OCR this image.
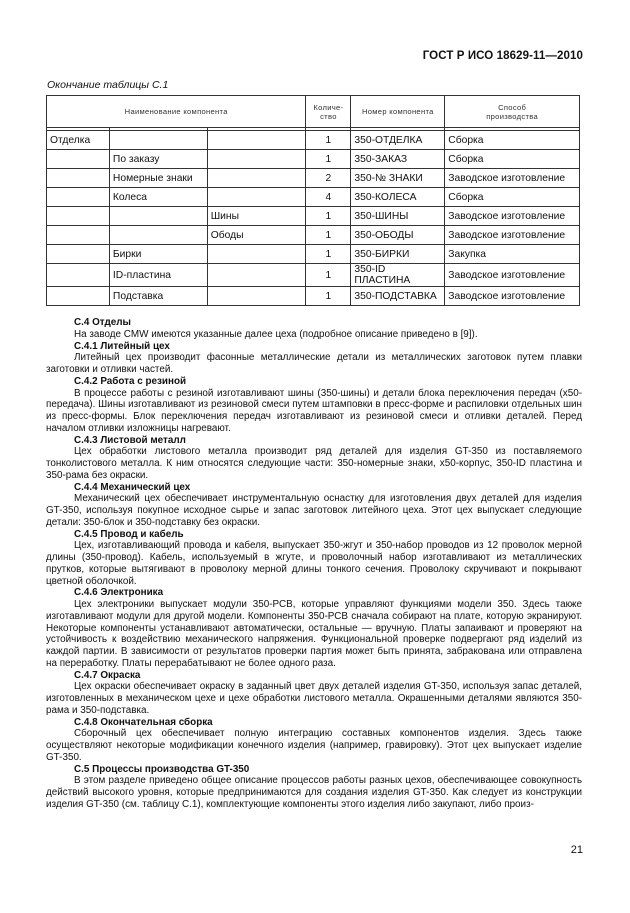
ГОСТ Р ИСО 18629-11—2010
Окончание таблицы С.1
Наименование компонента			Количе-
ство	Номер компонента	Способ
производства

Отделка			1	350-ОТДЕЛКА	Сборка
	По заказу		1	350-ЗАКАЗ	Сборка
	Номерные знаки		2	350-№ ЗНАКИ	Заводское изготовление
	Колеса		4	350-КОЛЕСА	Сборка
		Шины	1	350-ШИНЫ	Заводское изготовление
		Ободы	1	350-ОБОДЫ	Заводское изготовление
	Бирки		1	350-БИРКИ	Закупка
	ID-пластина		1	350-ID ПЛАСТИНА	Заводское изготовление
	Подставка		1	350-ПОДСТАВКА	Заводское изготовление

С.4 Отделы

На заводе CMW имеются указанные далее цеха (подробное описание приведено в [9]).

С.4.1 Литейный цех

Литейный цех производит фасонные металлические детали из металлических заготовок путем плавки заготовки и отливки частей.

С.4.2 Работа с резиной

В процессе работы с резиной изготавливают шины (350-шины) и детали блока переключения передач (х50-передача). Шины изготавливают из резиновой смеси путем штамповки в пресс-форме и распиловки отдельных шин из пресс-формы. Блок переключения передач изготавливают из резиновой смеси и отливки деталей. Перед началом отливки изложницы нагревают.

С.4.3 Листовой металл

Цех обработки листового металла производит ряд деталей для изделия GT-350 из поставляемого тонколистового металла. К ним относятся следующие части: 350-номерные знаки, х50-корпус, 350-ID пластина и 350-рама без окраски.

С.4.4 Механический цех

Механический цех обеспечивает инструментальную оснастку для изготовления двух деталей для изделия GT-350, используя покупное исходное сырье и запас заготовок литейного цеха. Этот цех выпускает следующие детали: 350-блок и 350-подставку без окраски.

С.4.5 Провод и кабель

Цех, изготавливающий провода и кабеля, выпускает 350-жгут и 350-набор проводов из 12 проволок мерной длины (350-провод). Кабель, используемый в жгуте, и проволочный набор изготавливают из металлических прутков, которые вытягивают в проволоку мерной длины тонкого сечения. Проволоку скручивают и покрывают цветной оболочкой.

С.4.6 Электроника

Цех электроники выпускает модули 350-РСВ, которые управляют функциями модели 350. Здесь также изготавливают модули для другой модели. Компоненты 350-РСВ сначала собирают на плате, которую экранируют. Некоторые компоненты устанавливают автоматически, остальные — вручную. Платы запаивают и проверяют на устойчивость к воздействию механического напряжения. Функциональной проверке подвергают ряд изделий из каждой партии. В зависимости от результатов проверки партия может быть принята, забракована или отправлена на переработку. Платы перерабатывают не более одного раза.

С.4.7 Окраска

Цех окраски обеспечивает окраску в заданный цвет двух деталей изделия GT-350, используя запас деталей, изготовленных в механическом цехе и цехе обработки листового металла. Окрашенными деталями являются 350-рама и 350-подставка.

С.4.8 Окончательная сборка

Сборочный цех обеспечивает полную интеграцию составных компонентов изделия. Здесь также осуществляют некоторые модификации конечного изделия (например, гравировку). Этот цех выпускает изделие GT-350.

С.5 Процессы производства GT-350

В этом разделе приведено общее описание процессов работы разных цехов, обеспечивающее совокупность действий высокого уровня, которые предпринимаются для создания изделия GT-350. Как следует из конструкции изделия GT-350 (см. таблицу С.1), комплектующие компоненты этого изделия либо закупают, либо произ-

21
